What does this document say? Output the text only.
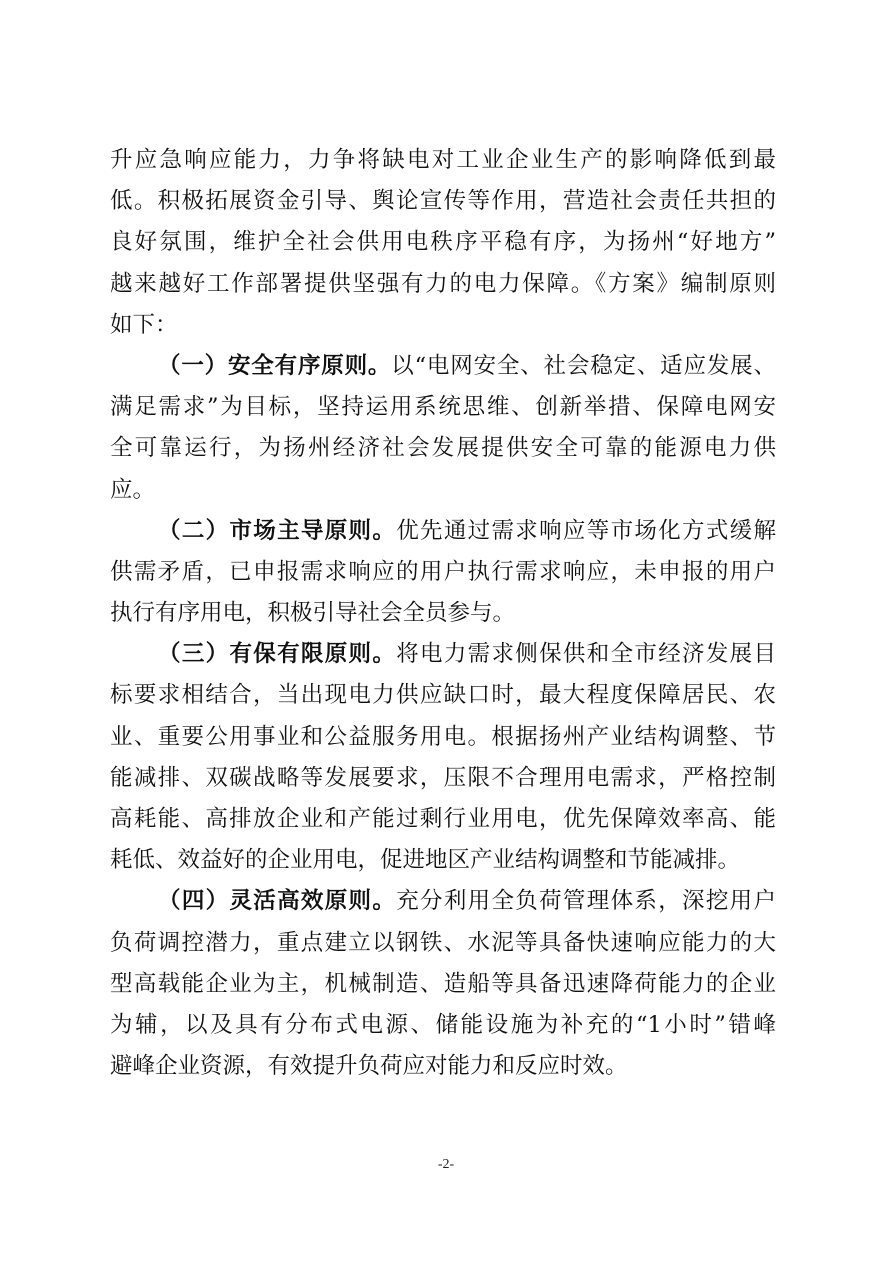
升应急响应能力，力争将缺电对工业企业生产的影响降低到最
低。积极拓展资金引导、舆论宣传等作用，营造社会责任共担的
良好氛围，维护全社会供用电秩序平稳有序，为扬州“好地方”
越来越好工作部署提供坚强有力的电力保障。《方案》编制原则
如下：
（一）安全有序原则。以“电网安全、社会稳定、适应发展、
满足需求”为目标，坚持运用系统思维、创新举措、保障电网安
全可靠运行，为扬州经济社会发展提供安全可靠的能源电力供
应。
（二）市场主导原则。优先通过需求响应等市场化方式缓解
供需矛盾，已申报需求响应的用户执行需求响应，未申报的用户
执行有序用电，积极引导社会全员参与。
（三）有保有限原则。将电力需求侧保供和全市经济发展目
标要求相结合，当出现电力供应缺口时，最大程度保障居民、农
业、重要公用事业和公益服务用电。根据扬州产业结构调整、节
能减排、双碳战略等发展要求，压限不合理用电需求，严格控制
高耗能、高排放企业和产能过剩行业用电，优先保障效率高、能
耗低、效益好的企业用电，促进地区产业结构调整和节能减排。
（四）灵活高效原则。充分利用全负荷管理体系，深挖用户
负荷调控潜力，重点建立以钢铁、水泥等具备快速响应能力的大
型高载能企业为主，机械制造、造船等具备迅速降荷能力的企业
为辅，以及具有分布式电源、储能设施为补充的“1小时”错峰
避峰企业资源，有效提升负荷应对能力和反应时效。
-2-
